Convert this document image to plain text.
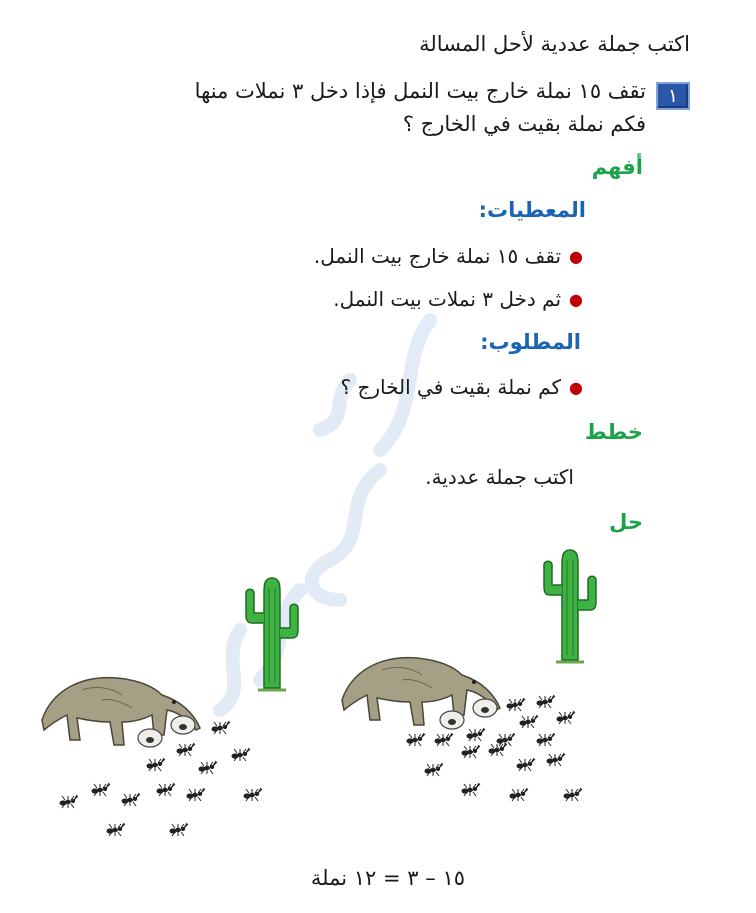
اكتب جملة عددية لأحل المسالة
١
تقف ١٥ نملة خارج بيت النمل فإذا دخل ٣ نملات منها
فكم نملة بقيت في الخارج ؟
أفهم
المعطيات:
●تقف ١٥ نملة خارج بيت النمل.
●ثم دخل ٣ نملات بيت النمل.
المطلوب:
●كم نملة بقيت في الخارج ؟
خطط
اكتب جملة عددية.
حل
١٥ – ٣ = ١٢ نملة
